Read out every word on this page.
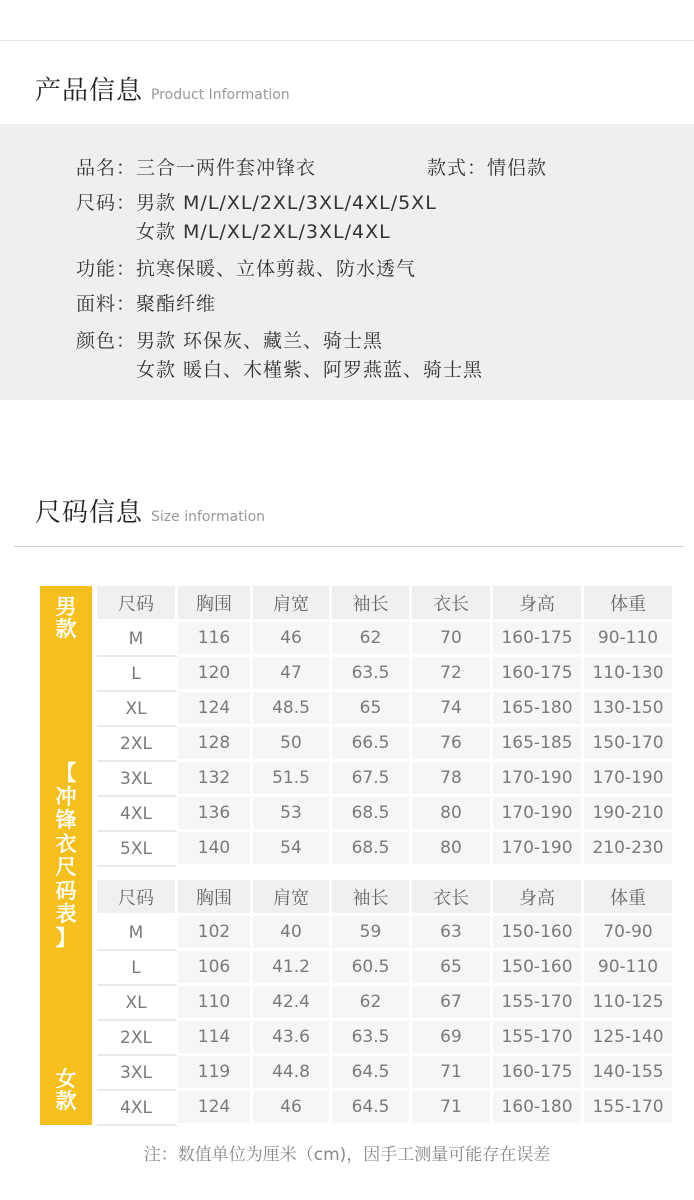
产品信息 Product Information
品名：三合一两件套冲锋衣	款式：情侣款
尺码：男款 M/L/XL/2XL/3XL/4XL/5XL
女款 M/L/XL/2XL/3XL/4XL
功能：抗寒保暖、立体剪裁、防水透气
面料：聚酯纤维
颜色：男款 环保灰、藏兰、骑士黑
女款 暖白、木槿紫、阿罗燕蓝、骑士黑
尺码信息 Size information
男
款
【
冲
锋
衣
尺
码
表
】
女
款
尺码	胸围	肩宽	袖长	衣长	身高	体重
M	116	46	62	70	160-175	90-110
L	120	47	63.5	72	160-175	110-130
XL	124	48.5	65	74	165-180	130-150
2XL	128	50	66.5	76	165-185	150-170
3XL	132	51.5	67.5	78	170-190	170-190
4XL	136	53	68.5	80	170-190	190-210
5XL	140	54	68.5	80	170-190	210-230
尺码	胸围	肩宽	袖长	衣长	身高	体重
M	102	40	59	63	150-160	70-90
L	106	41.2	60.5	65	150-160	90-110
XL	110	42.4	62	67	155-170	110-125
2XL	114	43.6	63.5	69	155-170	125-140
3XL	119	44.8	64.5	71	160-175	140-155
4XL	124	46	64.5	71	160-180	155-170
注：数值单位为厘米（cm)，因手工测量可能存在误差
